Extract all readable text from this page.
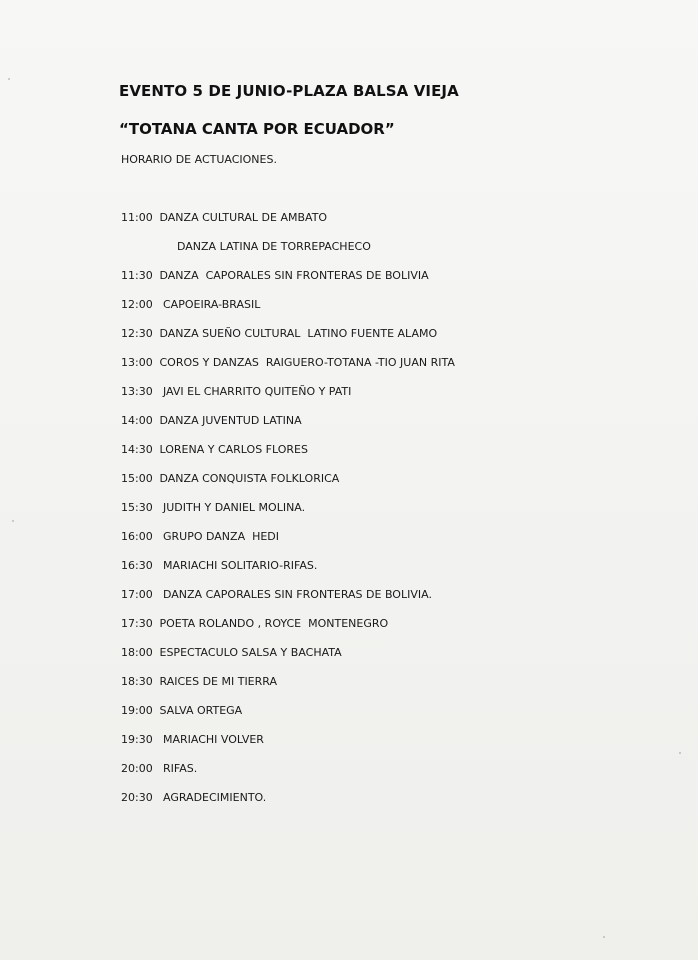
EVENTO 5 DE JUNIO-PLAZA BALSA VIEJA
“TOTANA CANTA POR ECUADOR”
HORARIO DE ACTUACIONES.
11:00 DANZA CULTURAL DE AMBATO
DANZA LATINA DE TORREPACHECO
11:30 DANZA  CAPORALES SIN FRONTERAS DE BOLIVIA
12:00  CAPOEIRA-BRASIL
12:30 DANZA SUEÑO CULTURAL  LATINO FUENTE ALAMO
13:00 COROS Y DANZAS  RAIGUERO-TOTANA -TIO JUAN RITA
13:30  JAVI EL CHARRITO QUITEÑO Y PATI
14:00 DANZA JUVENTUD LATINA
14:30 LORENA Y CARLOS FLORES
15:00 DANZA CONQUISTA FOLKLORICA
15:30  JUDITH Y DANIEL MOLINA.
16:00  GRUPO DANZA  HEDI
16:30  MARIACHI SOLITARIO-RIFAS.
17:00  DANZA CAPORALES SIN FRONTERAS DE BOLIVIA.
17:30 POETA ROLANDO , ROYCE  MONTENEGRO
18:00 ESPECTACULO SALSA Y BACHATA
18:30 RAICES DE MI TIERRA
19:00 SALVA ORTEGA
19:30  MARIACHI VOLVER
20:00  RIFAS.
20:30  AGRADECIMIENTO.
